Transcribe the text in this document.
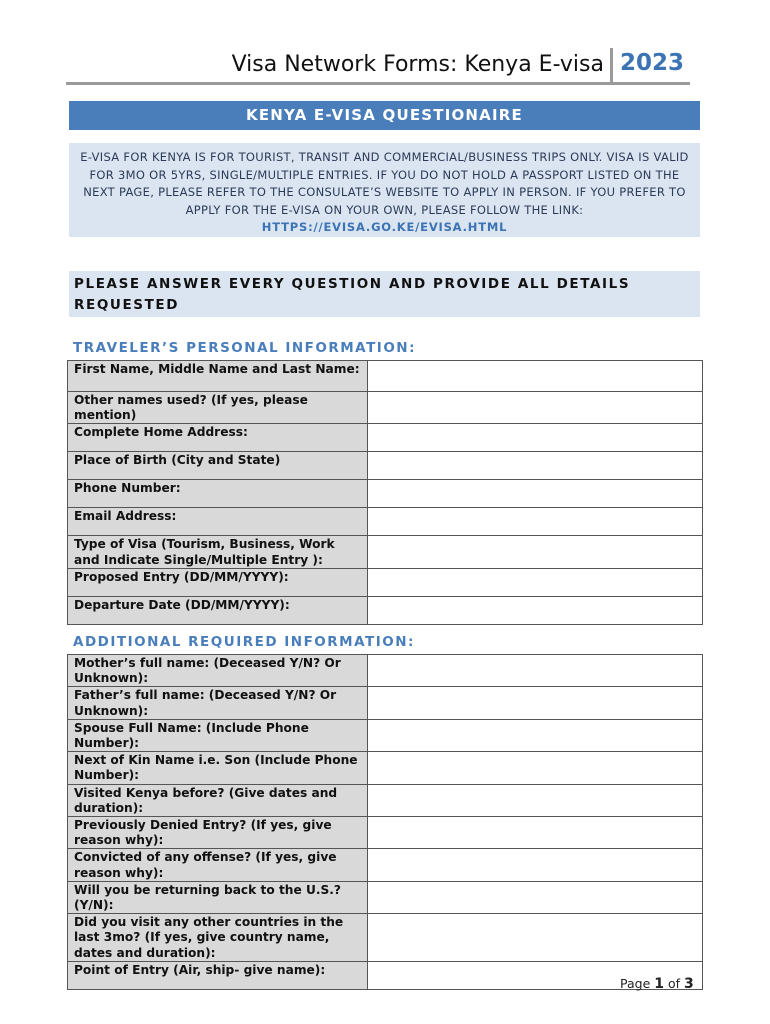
Visa Network Forms: Kenya E-visa 2023
KENYA E-VISA QUESTIONAIRE
E-VISA FOR KENYA IS FOR TOURIST, TRANSIT AND COMMERCIAL/BUSINESS TRIPS ONLY. VISA IS VALID FOR 3MO OR 5YRS, SINGLE/MULTIPLE ENTRIES. IF YOU DO NOT HOLD A PASSPORT LISTED ON THE NEXT PAGE, PLEASE REFER TO THE CONSULATE’S WEBSITE TO APPLY IN PERSON. IF YOU PREFER TO APPLY FOR THE E-VISA ON YOUR OWN, PLEASE FOLLOW THE LINK: HTTPS://EVISA.GO.KE/EVISA.HTML
PLEASE ANSWER EVERY QUESTION AND PROVIDE ALL DETAILS REQUESTED
TRAVELER’S PERSONAL INFORMATION:
First Name, Middle Name and Last Name:	
Other names used? (If yes, please mention)	
Complete Home Address:	
Place of Birth (City and State)	
Phone Number:	
Email Address:	
Type of Visa (Tourism, Business, Work and Indicate Single/Multiple Entry ):	
Proposed Entry (DD/MM/YYYY):	
Departure Date (DD/MM/YYYY):	
ADDITIONAL REQUIRED INFORMATION:
Mother’s full name: (Deceased Y/N? Or Unknown):	
Father’s full name: (Deceased Y/N? Or Unknown):	
Spouse Full Name: (Include Phone Number):	
Next of Kin Name i.e. Son (Include Phone Number):	
Visited Kenya before? (Give dates and duration):	
Previously Denied Entry? (If yes, give reason why):	
Convicted of any offense? (If yes, give reason why):	
Will you be returning back to the U.S.? (Y/N):	
Did you visit any other countries in the last 3mo? (If yes, give country name, dates and duration):	
Point of Entry (Air, ship- give name):	
Page 1 of 3
